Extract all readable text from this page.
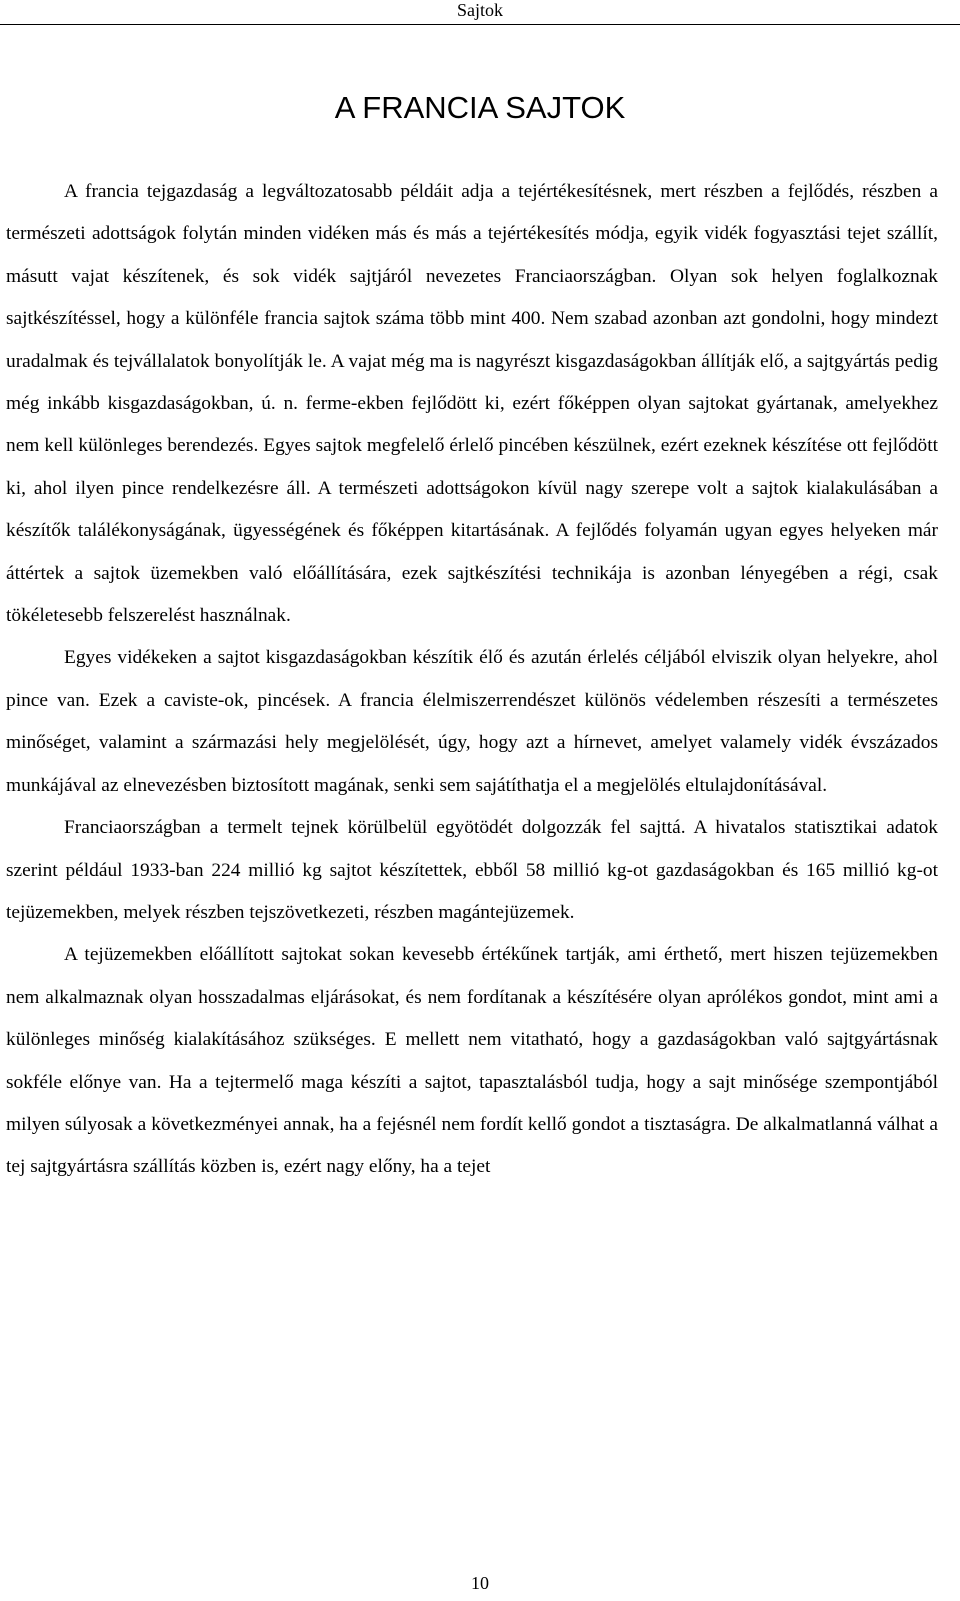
Sajtok
A FRANCIA SAJTOK

A francia tejgazdaság a legváltozatosabb példáit adja a tejértékesítésnek, mert részben a fejlődés, részben a természeti adottságok folytán minden vidéken más és más a tejértékesítés módja, egyik vidék fogyasztási tejet szállít, másutt vajat készítenek, és sok vidék sajtjáról nevezetes Franciaországban. Olyan sok helyen foglalkoznak sajtkészítéssel, hogy a különféle francia sajtok száma több mint 400. Nem szabad azonban azt gondolni, hogy mindezt uradalmak és tejvállalatok bonyolítják le. A vajat még ma is nagyrészt kisgazdaságokban állítják elő, a sajtgyártás pedig még inkább kisgazdaságokban, ú. n. ferme-ekben fejlődött ki, ezért főképpen olyan sajtokat gyártanak, amelyekhez nem kell különleges berendezés. Egyes sajtok megfelelő érlelő pincében készülnek, ezért ezeknek készítése ott fejlődött ki, ahol ilyen pince rendelkezésre áll. A természeti adottságokon kívül nagy szerepe volt a sajtok kialakulásában a készítők találékonyságának, ügyességének és főképpen kitartásának. A fejlődés folyamán ugyan egyes helyeken már áttértek a sajtok üzemekben való előállítására, ezek sajtkészítési technikája is azonban lényegében a régi, csak tökéletesebb felszerelést használnak.

Egyes vidékeken a sajtot kisgazdaságokban készítik élő és azután érlelés céljából elviszik olyan helyekre, ahol pince van. Ezek a caviste-ok, pincések. A francia élelmiszerrendészet különös védelemben részesíti a természetes minőséget, valamint a származási hely megjelölését, úgy, hogy azt a hírnevet, amelyet valamely vidék évszázados munkájával az elnevezésben biztosított magának, senki sem sajátíthatja el a megjelölés eltulajdonításával.

Franciaországban a termelt tejnek körülbelül egyötödét dolgozzák fel sajttá. A hivatalos statisztikai adatok szerint például 1933-ban 224 millió kg sajtot készítettek, ebből 58 millió kg-ot gazdaságokban és 165 millió kg-ot tejüzemekben, melyek részben tejszövetkezeti, részben magántejüzemek.

A tejüzemekben előállított sajtokat sokan kevesebb értékűnek tartják, ami érthető, mert hiszen tejüzemekben nem alkalmaznak olyan hosszadalmas eljárásokat, és nem fordítanak a készítésére olyan aprólékos gondot, mint ami a különleges minőség kialakításához szükséges. E mellett nem vitatható, hogy a gazdaságokban való sajtgyártásnak sokféle előnye van. Ha a tejtermelő maga készíti a sajtot, tapasztalásból tudja, hogy a sajt minősége szempontjából milyen súlyosak a következményei annak, ha a fejésnél nem fordít kellő gondot a tisztaságra. De alkalmatlanná válhat a tej sajtgyártásra szállítás közben is, ezért nagy előny, ha a tejet

10
